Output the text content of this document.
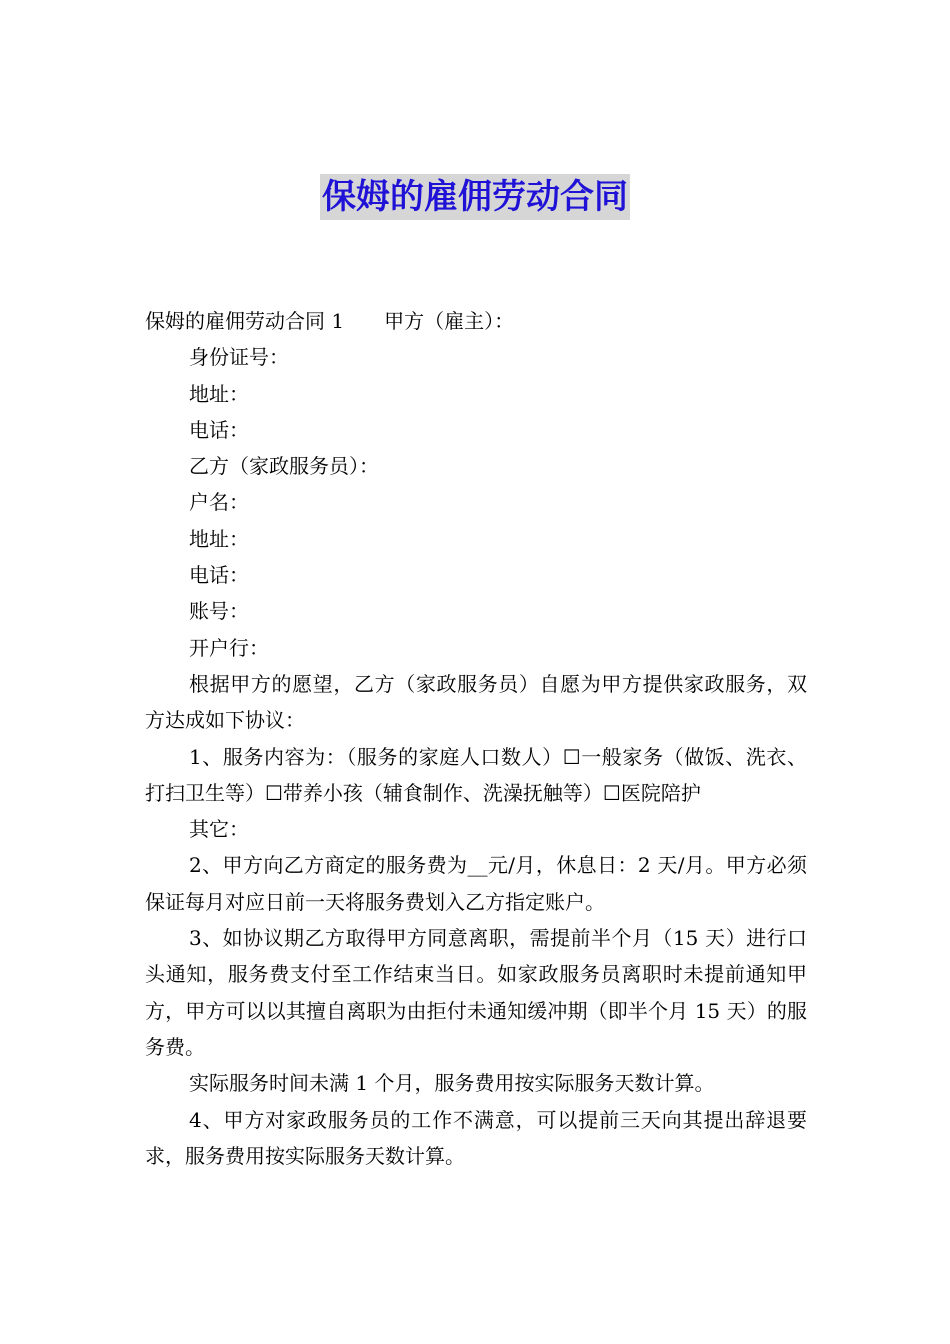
保姆的雇佣劳动合同

保姆的雇佣劳动合同 1 甲方（雇主）：

身份证号：

地址：

电话：

乙方（家政服务员）：

户名：

地址：

电话：

账号：

开户行：

根据甲方的愿望，乙方（家政服务员）自愿为甲方提供家政服务，双方达成如下协议：

1、服务内容为：（服务的家庭人口数人）☐一般家务（做饭、洗衣、打扫卫生等）☐带养小孩（辅食制作、洗澡抚触等）☐医院陪护

其它：

2、甲方向乙方商定的服务费为__元/月，休息日：2 天/月。甲方必须保证每月对应日前一天将服务费划入乙方指定账户。

3、如协议期乙方取得甲方同意离职，需提前半个月（15 天）进行口头通知，服务费支付至工作结束当日。如家政服务员离职时未提前通知甲方，甲方可以以其擅自离职为由拒付未通知缓冲期（即半个月 15 天）的服务费。

实际服务时间未满 1 个月，服务费用按实际服务天数计算。

4、甲方对家政服务员的工作不满意，可以提前三天向其提出辞退要求，服务费用按实际服务天数计算。
